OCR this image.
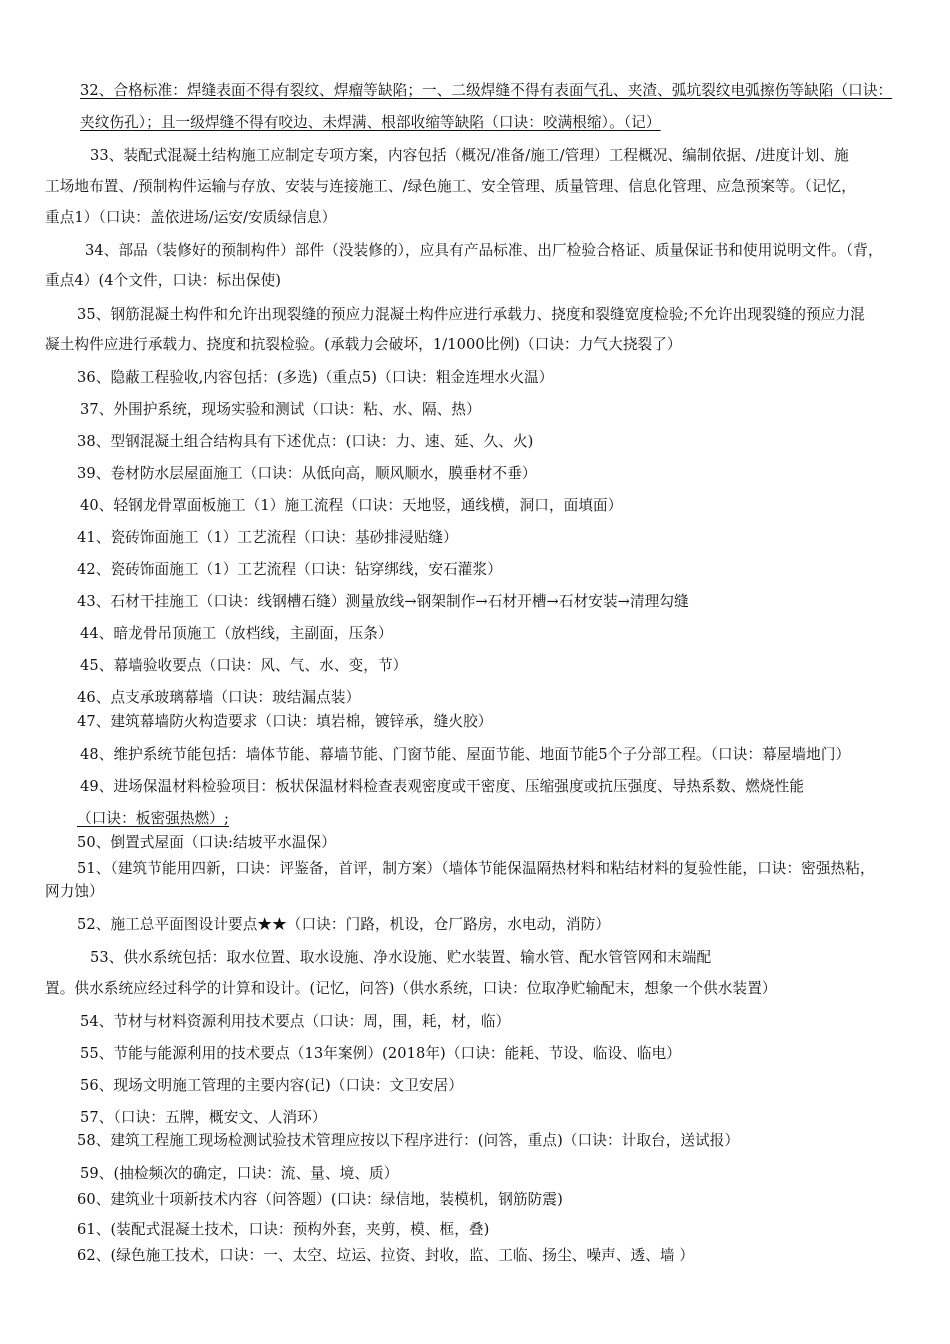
32、合格标准：焊缝表面不得有裂纹、焊瘤等缺陷；一、二级焊缝不得有表面气孔、夹渣、弧坑裂纹电弧擦伤等缺陷（口诀：
夹纹伤孔）；且一级焊缝不得有咬边、未焊满、根部收缩等缺陷（口诀：咬满根缩）。（记）
33、装配式混凝土结构施工应制定专项方案，内容包括（概况/准备/施工/管理）工程概况、编制依据、/进度计划、施
工场地布置、/预制构件运输与存放、安装与连接施工、/绿色施工、安全管理、质量管理、信息化管理、应急预案等。（记忆，
重点1）（口诀：盖依进场/运安/安质绿信息）
34、部品（装修好的预制构件）部件（没装修的），应具有产品标准、出厂检验合格证、质量保证书和使用说明文件。（背，
重点4）(4个文件，口诀：标出保使)
35、钢筋混凝土构件和允许出现裂缝的预应力混凝土构件应进行承载力、挠度和裂缝宽度检验;不允许出现裂缝的预应力混
凝土构件应进行承载力、挠度和抗裂检验。(承载力会破坏，1/1000比例)（口诀：力气大挠裂了）
36、隐蔽工程验收,内容包括：(多选)（重点5)（口诀：粗金连埋水火温）
37、外围护系统，现场实验和测试（口诀：粘、水、隔、热）
38、型钢混凝土组合结构具有下述优点：(口诀：力、速、延、久、火)
39、卷材防水层屋面施工（口诀：从低向高，顺风顺水，膜垂材不垂）
40、轻钢龙骨罩面板施工（1）施工流程（口诀：天地竖，通线横，洞口，面填面）
41、瓷砖饰面施工（1）工艺流程（口诀：基砂排浸贴缝）
42、瓷砖饰面施工（1）工艺流程（口诀：钻穿绑线，安石灌浆）
43、石材干挂施工（口诀：线钢槽石缝）测量放线→钢架制作→石材开槽→石材安装→清理勾缝
44、暗龙骨吊顶施工（放档线，主副面，压条）
45、幕墙验收要点（口诀：风、气、水、变，节）
46、点支承玻璃幕墙（口诀：玻结漏点装）
47、建筑幕墙防火构造要求（口诀：填岩棉，镀锌承，缝火胶）
48、维护系统节能包括：墙体节能、幕墙节能、门窗节能、屋面节能、地面节能5个子分部工程。（口诀：幕屋墙地门）
49、进场保温材料检验项目：板状保温材料检查表观密度或干密度、压缩强度或抗压强度、导热系数、燃烧性能
（口诀：板密强热燃）;
50、倒置式屋面（口诀:结坡平水温保）
51、（建筑节能用四新，口诀：评鉴备，首评，制方案）（墙体节能保温隔热材料和粘结材料的复验性能，口诀：密强热粘，
网力蚀）
52、施工总平面图设计要点★★（口诀：门路，机设，仓厂路房，水电动，消防）
53、供水系统包括：取水位置、取水设施、净水设施、贮水装置、输水管、配水管管网和末端配
置。供水系统应经过科学的计算和设计。(记忆，问答)（供水系统，口诀：位取净贮输配末，想象一个供水装置）
54、节材与材料资源利用技术要点（口诀：周，围，耗，材，临）
55、节能与能源利用的技术要点（13年案例）(2018年)（口诀：能耗、节设、临设、临电）
56、现场文明施工管理的主要内容(记)（口诀：文卫安居）
57、（口诀：五牌，概安文、人消环）
58、建筑工程施工现场检测试验技术管理应按以下程序进行：(问答，重点)（口诀：计取台，送试报）
59、(抽检频次的确定，口诀：流、量、境、质）
60、建筑业十项新技术内容（问答题）(口诀：绿信地，装模机，钢筋防震)
61、(装配式混凝土技术，口诀：预构外套，夹剪，模、框，叠)
62、(绿色施工技术，口诀：一、太空、垃运、拉资、封收，监、工临、扬尘、噪声、透、墙 ）
